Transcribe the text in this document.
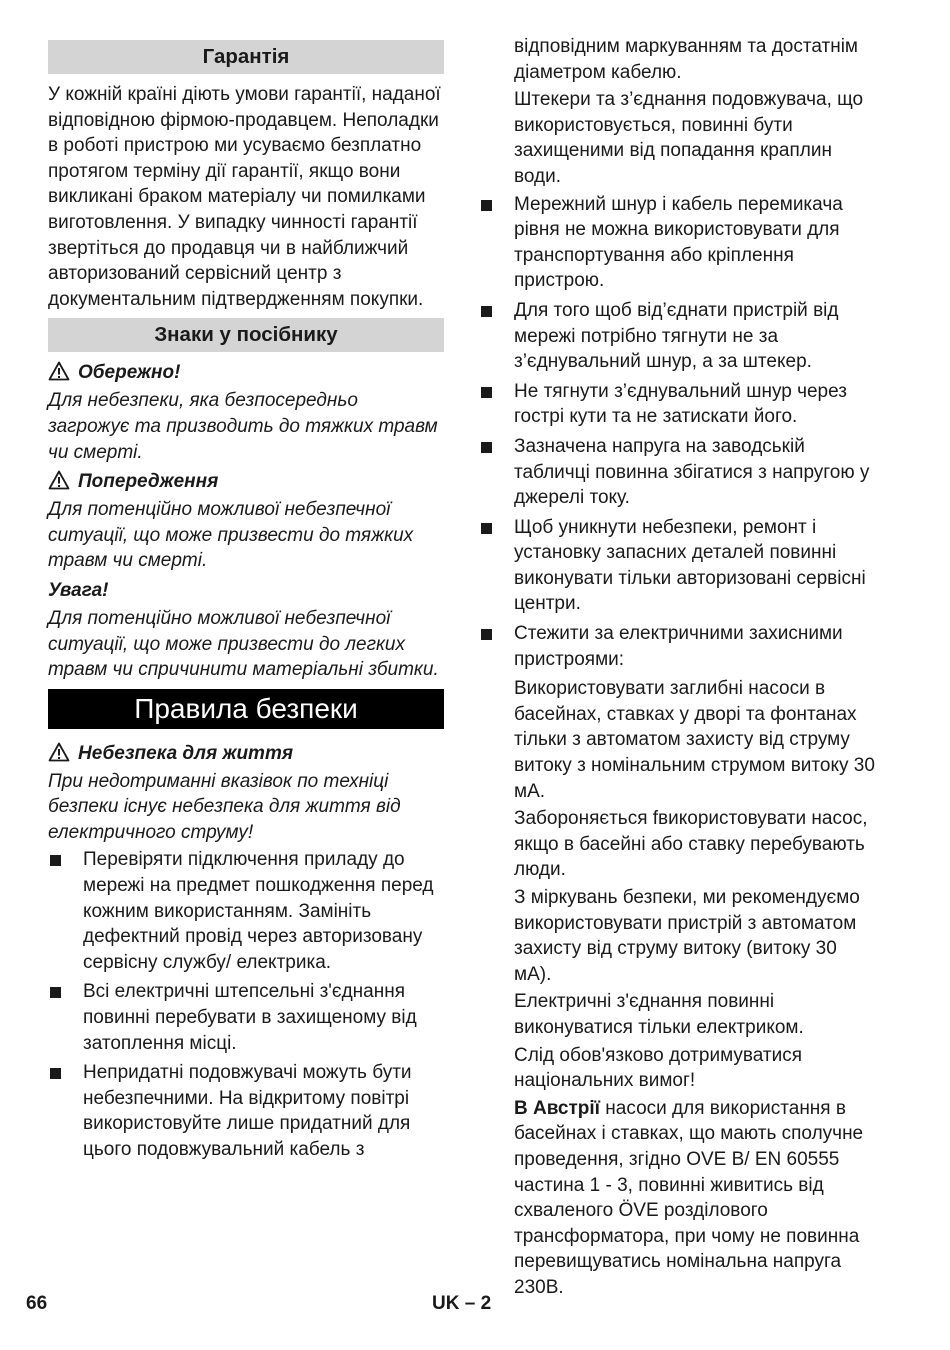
Гарантія

У кожній країні діють умови гарантії, наданої відповідною фірмою-продавцем. Неполадки в роботі пристрою ми усуваємо безплатно протягом терміну дії гарантії, якщо вони викликані браком матеріалу чи помилками виготовлення. У випадку чинності гарантії звертіться до продавця чи в найближчий авторизований сервісний центр з документальним підтвердженням покупки.

Знаки у посібнику
Обережно!

Для небезпеки, яка безпосередньо загрожує та призводить до тяжких травм чи смерті.

Попередження

Для потенційно можливої небезпечної ситуації, що може призвести до тяжких травм чи смерті.

Увага!

Для потенційно можливої небезпечної ситуації, що може призвести до легких травм чи спричинити матеріальні збитки.

Правила безпеки
Небезпека для життя

При недотриманні вказівок по техніці безпеки існує небезпека для життя від електричного струму!

Перевіряти підключення приладу до мережі на предмет пошкодження перед кожним використанням. Замініть дефектний провід через авторизовану сервісну службу/ електрика.
Всі електричні штепсельні з'єднання повинні перебувати в захищеному від затоплення місці.
Непридатні подовжувачі можуть бути небезпечними. На відкритому повітрі використовуйте лише придатний для цього подовжувальний кабель з

відповідним маркуванням та достатнім діаметром кабелю.

Штекери та з’єднання подовжувача, що використовується, повинні бути захищеними від попадання краплин води.

Мережний шнур і кабель перемикача рівня не можна використовувати для транспортування або кріплення пристрою.
Для того щоб від’єднати пристрій від мережі потрібно тягнути не за з’єднувальний шнур, а за штекер.
Не тягнути з’єднувальний шнур через гострі кути та не затискати його.
Зазначена напруга на заводській табличці повинна збігатися з напругою у джерелі току.
Щоб уникнути небезпеки, ремонт і установку запасних деталей повинні виконувати тільки авторизовані сервісні центри.
Стежити за електричними захисними пристроями:

Використовувати заглибні насоси в басейнах, ставках у дворі та фонтанах тільки з автоматом захисту від струму витоку з номінальним струмом витоку 30 мА.

Забороняється fвикористовувати насос, якщо в басейні або ставку перебувають люди.

З міркувань безпеки, ми рекомендуємо використовувати пристрій з автоматом захисту від струму витоку (витоку 30 мА).

Електричні з'єднання повинні виконуватися тільки електриком.

Слід обов'язково дотримуватися національних вимог!

В Австрії насоси для використання в басейнах і ставках, що мають сполучне проведення, згідно OVE B/ EN 60555 частина 1 - 3, повинні живитись від схваленого ÖVE розділового трансформатора, при чому не повинна перевищуватись номінальна напруга 230В.

66	UK – 2
